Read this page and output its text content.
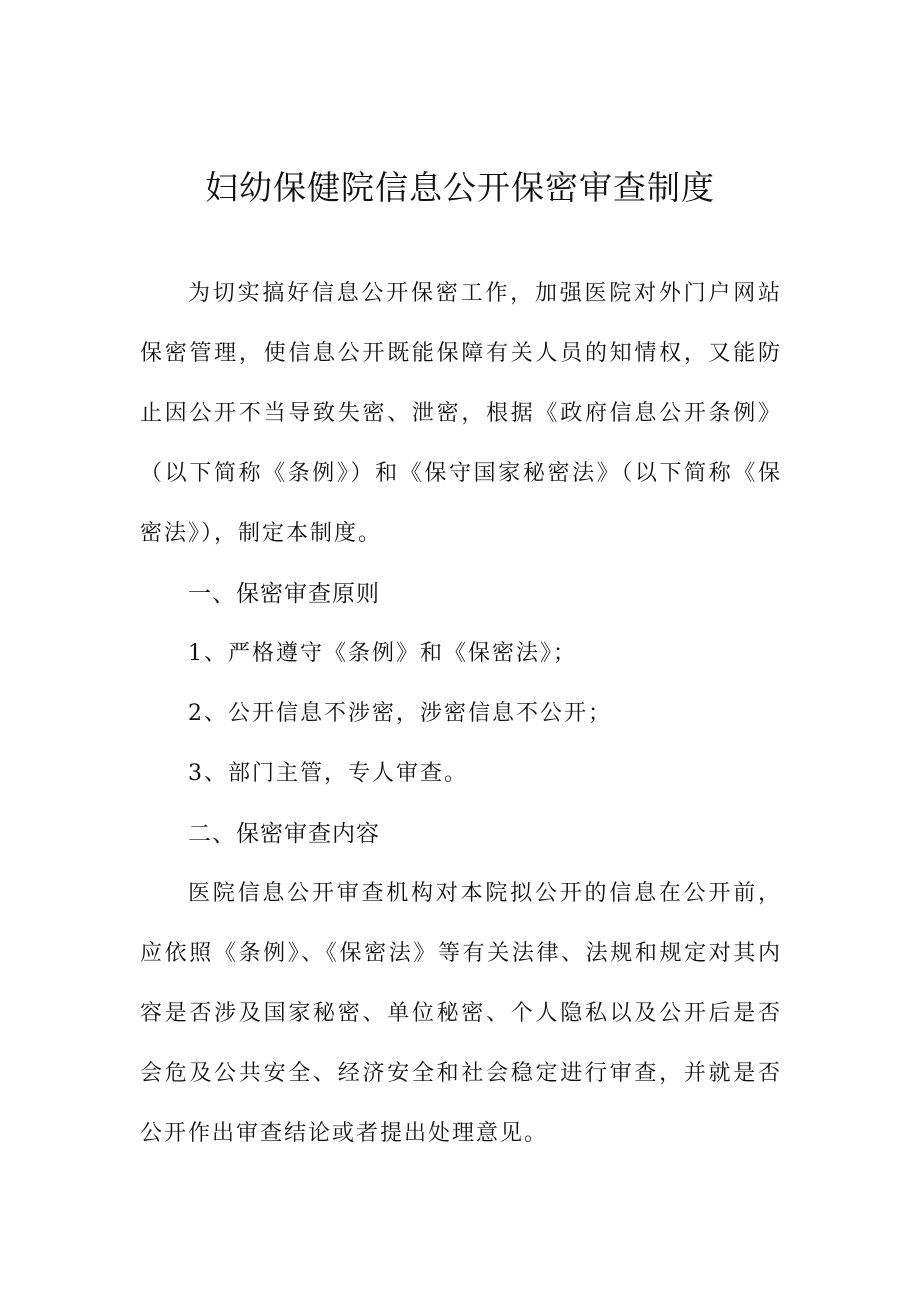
妇幼保健院信息公开保密审查制度

为切实搞好信息公开保密工作，加强医院对外门户网站保密管理，使信息公开既能保障有关人员的知情权，又能防止因公开不当导致失密、泄密，根据《政府信息公开条例》（以下简称《条例》）和《保守国家秘密法》（以下简称《保密法》），制定本制度。

一、保密审查原则

1、严格遵守《条例》和《保密法》；

2、公开信息不涉密，涉密信息不公开；

3、部门主管，专人审查。

二、保密审查内容

医院信息公开审查机构对本院拟公开的信息在公开前，应依照《条例》、《保密法》等有关法律、法规和规定对其内容是否涉及国家秘密、单位秘密、个人隐私以及公开后是否会危及公共安全、经济安全和社会稳定进行审查，并就是否公开作出审查结论或者提出处理意见。
